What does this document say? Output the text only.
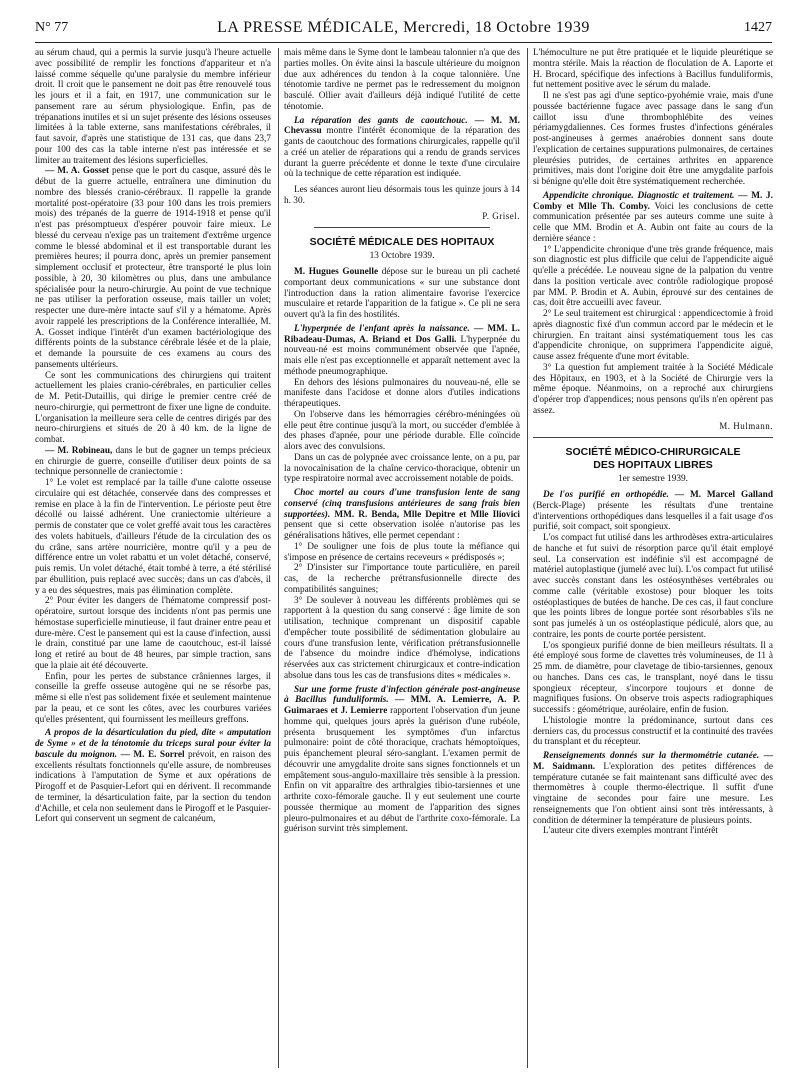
N° 77	LA PRESSE MÉDICALE, Mercredi, 18 Octobre 1939	1427

au sérum chaud, qui a permis la survie jusqu'à l'heure actuelle avec possibilité de remplir les fonctions d'appariteur et n'a laissé comme séquelle qu'une paralysie du membre inférieur droit. Il croit que le pansement ne doit pas être renouvelé tous les jours et il a fait, en 1917, une communication sur le pansement rare au sérum physiologique. Enfin, pas de trépanations inutiles et si un sujet présente des lésions osseuses limitées à la table externe, sans manifestations cérébrales, il faut savoir, d'après une statistique de 131 cas, que dans 23,7 pour 100 des cas la table interne n'est pas intéressée et se limiter au traitement des lésions superficielles.

— M. A. Gosset pense que le port du casque, assuré dès le début de la guerre actuelle, entraînera une diminution du nombre des blessés cranio-cérébraux. Il rappelle la grande mortalité post-opératoire (33 pour 100 dans les trois premiers mois) des trépanés de la guerre de 1914-1918 et pense qu'il n'est pas présomptueux d'espérer pouvoir faire mieux. Le blessé du cerveau n'exige pas un traitement d'extrême urgence comme le blessé abdominal et il est transportable durant les premières heures; il pourra donc, après un premier pansement simplement occlusif et protecteur, être transporté le plus loin possible, à 20, 30 kilomètres ou plus, dans une ambulance spécialisée pour la neuro-chirurgie. Au point de vue technique ne pas utiliser la perforation osseuse, mais tailler un volet; respecter une dure-mère intacte sauf s'il y a hématome. Après avoir rappelé les prescriptions de la Conférence interalliée, M. A. Gosset indique l'intérêt d'un examen bactériologique des différents points de la substance cérébrale lésée et de la plaie, et demande la poursuite de ces examens au cours des pansements ultérieurs.

Ce sont les communications des chirurgiens qui traitent actuellement les plaies cranio-cérébrales, en particulier celles de M. Petit-Dutaillis, qui dirige le premier centre créé de neuro-chirurgie, qui permettront de fixer une ligne de conduite. L'organisation la meilleure sera celle de centres dirigés par des neuro-chirurgiens et situés de 20 à 40 km. de la ligne de combat.

— M. Robineau, dans le but de gagner un temps précieux en chirurgie de guerre, conseille d'utiliser deux points de sa technique personnelle de craniectomie :

1° Le volet est remplacé par la taille d'une calotte osseuse circulaire qui est détachée, conservée dans des compresses et remise en place à la fin de l'intervention. Le périoste peut être décollé ou laissé adhérent. Une craniectomie ultérieure a permis de constater que ce volet greffé avait tous les caractères des volets habituels, d'ailleurs l'étude de la circulation des os du crâne, sans artère nourricière, montre qu'il y a peu de différence entre un volet rabattu et un volet détaché, conservé, puis remis. Un volet détaché, était tombé à terre, a été stérilisé par ébullition, puis replacé avec succès; dans un cas d'abcès, il y a eu des séquestres, mais pas élimination complète.

2° Pour éviter les dangers de l'hématome compressif post-opératoire, surtout lorsque des incidents n'ont pas permis une hémostase superficielle minutieuse, il faut drainer entre peau et dure-mère. C'est le pansement qui est la cause d'infection, aussi le drain, constitué par une lame de caoutchouc, est-il laissé long et retiré au bout de 48 heures, par simple traction, sans que la plaie ait été découverte.

Enfin, pour les pertes de substance crâniennes larges, il conseille la greffe osseuse autogène qui ne se résorbe pas, même si elle n'est pas solidement fixée et seulement maintenue par la peau, et ce sont les côtes, avec les courbures variées qu'elles présentent, qui fournissent les meilleurs greffons.

A propos de la désarticulation du pied, dite « amputation de Syme » et de la ténotomie du triceps sural pour éviter la bascule du moignon. — M. E. Sorrel prévoit, en raison des excellents résultats fonctionnels qu'elle assure, de nombreuses indications à l'amputation de Syme et aux opérations de Pirogoff et de Pasquier-Lefort qui en dérivent. Il recommande de terminer, la désarticulation faite, par la section du tendon d'Achille, et cela non seulement dans le Pirogoff et le Pasquier-Lefort qui conservent un segment de calcanéum,

mais même dans le Syme dont le lambeau talonnier n'a que des parties molles. On évite ainsi la bascule ultérieure du moignon due aux adhérences du tendon à la coque talonnière. Une ténotomie tardive ne permet pas le redressement du moignon basculé. Ollier avait d'ailleurs déjà indiqué l'utilité de cette ténotomie.

La réparation des gants de caoutchouc. — M. M. Chevassu montre l'intérêt économique de la réparation des gants de caoutchouc des formations chirurgicales, rappelle qu'il a créé un atelier de réparations qui a rendu de grands services durant la guerre précédente et donne le texte d'une circulaire où la technique de cette réparation est indiquée.

Les séances auront lieu désormais tous les quinze jours à 14 h. 30.

P. Grisel.
SOCIÉTÉ MÉDICALE DES HOPITAUX
13 Octobre 1939.

M. Hugues Gounelle dépose sur le bureau un pli cacheté comportant deux communications « sur une substance dont l'introduction dans la ration alimentaire favorise l'exercice musculaire et retarde l'apparition de la fatigue ». Ce pli ne sera ouvert qu'à la fin des hostilités.

L'hyperpnée de l'enfant après la naissance. — MM. L. Ribadeau-Dumas, A. Briand et Dos Galli. L'hyperpnée du nouveau-né est moins communément observée que l'apnée, mais elle n'est pas exceptionnelle et apparaît nettement avec la méthode pneumographique.

En dehors des lésions pulmonaires du nouveau-né, elle se manifeste dans l'acidose et donne alors d'utiles indications thérapeutiques.

On l'observe dans les hémorragies cérébro-méningées où elle peut être continue jusqu'à la mort, ou succéder d'emblée à des phases d'apnée, pour une période durable. Elle coïncide alors avec des convulsions.

Dans un cas de polypnée avec croissance lente, on a pu, par la novocaïnisation de la chaîne cervico-thoracique, obtenir un type respiratoire normal avec accroissement notable de poids.

Choc mortel au cours d'une transfusion lente de sang conservé (cinq transfusions antérieures de sang frais bien supportées). MM. R. Benda, Mlle Depitre et Mlle Iliovici pensent que si cette observation isolée n'autorise pas les généralisations hâtives, elle permet cependant :

1° De souligner une fois de plus toute la méfiance qui s'impose en présence de certains receveurs « prédisposés »;

2° D'insister sur l'importance toute particulière, en pareil cas, de la recherche prétransfusionnelle directe des compatibilités sanguines;

3° De soulever à nouveau les différents problèmes qui se rapportent à la question du sang conservé : âge limite de son utilisation, technique comprenant un dispositif capable d'empêcher toute possibilité de sédimentation globulaire au cours d'une transfusion lente, vérification prétransfusionnelle de l'absence du moindre indice d'hémolyse, indications réservées aux cas strictement chirurgicaux et contre-indication absolue dans tous les cas de transfusions dites « médicales ».

Sur une forme fruste d'infection générale post-angineuse à Bacillus funduliformis. — MM. A. Lemierre, A. P. Guimaraes et J. Lemierre rapportent l'observation d'un jeune homme qui, quelques jours après la guérison d'une rubéole, présenta brusquement les symptômes d'un infarctus pulmonaire: point de côté thoracique, crachats hémoptoïques, puis épanchement pleural séro-sanglant. L'examen permit de découvrir une amygdalite droite sans signes fonctionnels et un empâtement sous-angulo-maxillaire très sensible à la pression. Enfin on vit apparaître des arthralgies tibio-tarsiennes et une arthrite coxo-fémorale gauche. Il y eut seulement une courte poussée thermique au moment de l'apparition des signes pleuro-pulmonaires et au début de l'arthrite coxo-fémorale. La guérison survint très simplement.

L'hémoculture ne put être pratiquée et le liquide pleurétique se montra stérile. Mais la réaction de floculation de A. Laporte et H. Brocard, spécifique des infections à Bacillus funduliformis, fut nettement positive avec le sérum du malade.

Il ne s'est pas agi d'une septico-pyohémie vraie, mais d'une poussée bactérienne fugace avec passage dans le sang d'un caillot issu d'une thrombophlébite des veines périamygdaliennes. Ces formes frustes d'infections générales post-angineuses à germes anaérobies donnent sans doute l'explication de certaines suppurations pulmonaires, de certaines pleurésies putrides, de certaines arthrites en apparence primitives, mais dont l'origine doit être une amygdalite parfois si bénigne qu'elle doit être systématiquement recherchée.

Appendicite chronique. Diagnostic et traitement. — M. J. Comby et Mlle Th. Comby. Voici les conclusions de cette communication présentée par ses auteurs comme une suite à celle que MM. Brodin et A. Aubin ont faite au cours de la dernière séance :

1° L'appendicite chronique d'une très grande fréquence, mais son diagnostic est plus difficile que celui de l'appendicite aiguë qu'elle a précédée. Le nouveau signe de la palpation du ventre dans la position verticale avec contrôle radiologique proposé par MM. P. Brodin et A. Aubin, éprouvé sur des centaines de cas, doit être accueilli avec faveur.

2° Le seul traitement est chirurgical : appendicectomie à froid après diagnostic fixé d'un commun accord par le médecin et le chirurgien. En traitant ainsi systématiquement tous les cas d'appendicite chronique, on supprimera l'appendicite aiguë, cause assez fréquente d'une mort évitable.

3° La question fut amplement traitée à la Société Médicale des Hôpitaux, en 1903, et à la Société de Chirurgie vers la même époque. Néanmoins, on a reproché aux chirurgiens d'opérer trop d'appendices; nous pensons qu'ils n'en opèrent pas assez.

M. Hulmann.
SOCIÉTÉ MÉDICO-CHIRURGICALE
DES HOPITAUX LIBRES
1er semestre 1939.

De l'os purifié en orthopédie. — M. Marcel Galland (Berck-Plage) présente les résultats d'une trentaine d'interventions orthopédiques dans lesquelles il a fait usage d'os purifié, soit compact, soit spongieux.

L'os compact fut utilisé dans les arthrodèses extra-articulaires de hanche et fut suivi de résorption parce qu'il était employé seul. La conservation est indéfinie s'il est accompagné de matériel autoplastique (jumelé avec lui). L'os compact fut utilisé avec succès constant dans les ostéosynthèses vertébrales ou comme calle (véritable exostose) pour bloquer les toits ostéoplastiques de butées de hanche. De ces cas, il faut conclure que les points libres de longue portée sont résorbables s'ils ne sont pas jumelés à un os ostéoplastique pédiculé, alors que, au contraire, les ponts de courte portée persistent.

L'os spongieux purifié donne de bien meilleurs résultats. Il a été employé sous forme de clavettes très volumineuses, de 11 à 25 mm. de diamètre, pour clavetage de tibio-tarsiennes, genoux ou hanches. Dans ces cas, le transplant, noyé dans le tissu spongieux récepteur, s'incorpore toujours et donne de magnifiques fusions. On observe trois aspects radiographiques successifs : géométrique, auréolaire, enfin de fusion.

L'histologie montre la prédominance, surtout dans ces derniers cas, du processus constructif et la continuité des travées du transplant et du récepteur.

Renseignements donnés sur la thermométrie cutanée. — M. Saidmann. L'exploration des petites différences de température cutanée se fait maintenant sans difficulté avec des thermomètres à couple thermo-électrique. Il suffit d'une vingtaine de secondes pour faire une mesure. Les renseignements que l'on obtient ainsi sont très intéressants, à condition de déterminer la température de plusieurs points.

L'auteur cite divers exemples montrant l'intérêt
